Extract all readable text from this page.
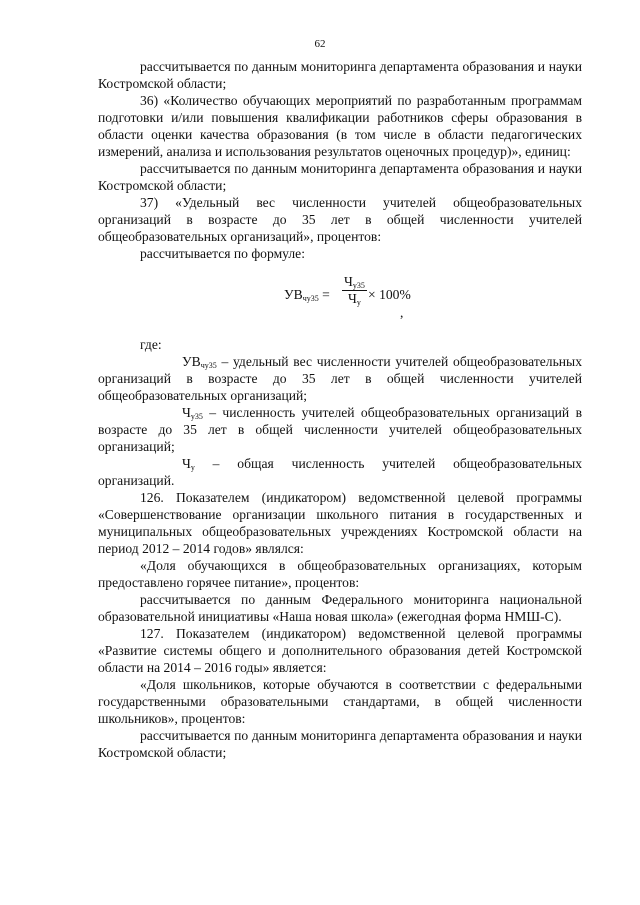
62

рассчитывается по данным мониторинга департамента образования и науки Костромской области;

36) «Количество обучающих мероприятий по разработанным программам подготовки и/или повышения квалификации работников сферы образования в области оценки качества образования (в том числе в области педагогических измерений, анализа и использования результатов оценочных процедур)», единиц:

рассчитывается по данным мониторинга департамента образования и науки Костромской области;

37) «Удельный вес численности учителей общеобразовательных организаций в возрасте до 35 лет в общей численности учителей общеобразовательных организаций», процентов:

рассчитывается по формуле:

$УВ_{чу35}$ =
$Ч_{у35}$
$Ч_у$
× 100%
,

где:

$УВ_{чу35}$ – удельный вес численности учителей общеобразовательных организаций в возрасте до 35 лет в общей численности учителей общеобразовательных организаций;

$Ч_{у35}$ – численность учителей общеобразовательных организаций в возрасте до 35 лет в общей численности учителей общеобразовательных организаций;

$Ч_у$ – общая численность учителей общеобразовательных организаций.

126. Показателем (индикатором) ведомственной целевой программы «Совершенствование организации школьного питания в государственных и муниципальных общеобразовательных учреждениях Костромской области на период 2012 – 2014 годов» являлся:

«Доля обучающихся в общеобразовательных организациях, которым предоставлено горячее питание», процентов:

рассчитывается по данным Федерального мониторинга национальной образовательной инициативы «Наша новая школа» (ежегодная форма НМШ-С).

127. Показателем (индикатором) ведомственной целевой программы «Развитие системы общего и дополнительного образования детей Костромской области на 2014 – 2016 годы» является:

«Доля школьников, которые обучаются в соответствии с федеральными государственными образовательными стандартами, в общей численности школьников», процентов:

рассчитывается по данным мониторинга департамента образования и науки Костромской области;
